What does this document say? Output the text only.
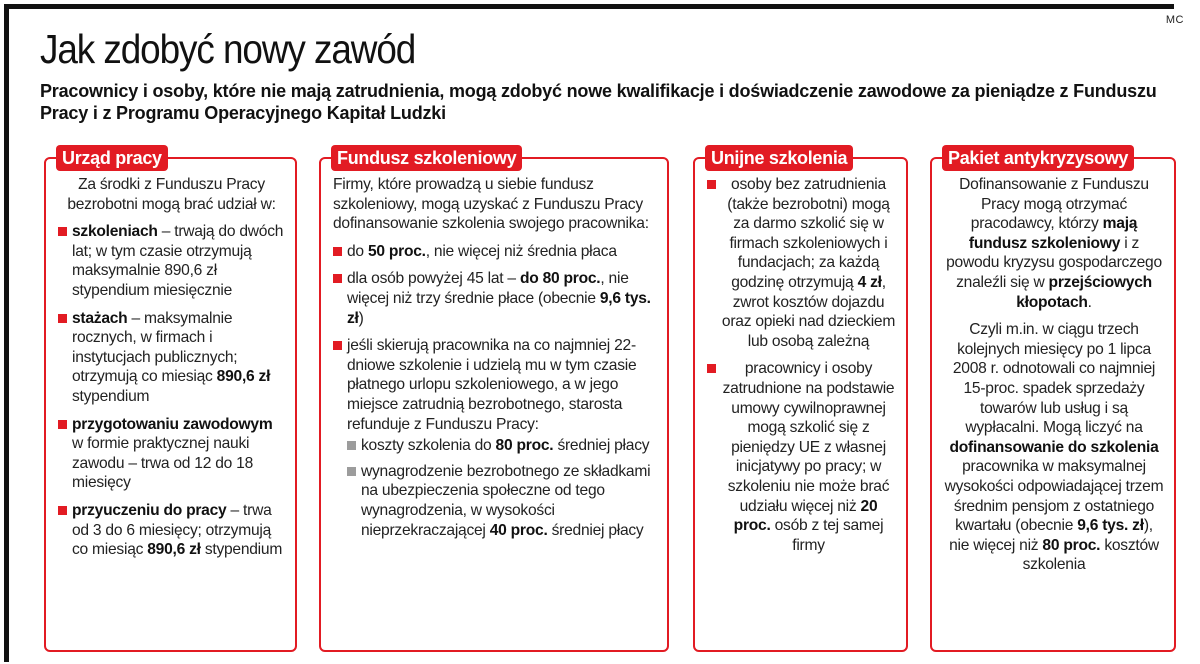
MC
Jak zdobyć nowy zawód

Pracownicy i osoby, które nie mają zatrudnienia, mogą zdobyć nowe kwalifikacje i doświadczenie zawodowe za pieniądze z Funduszu Pracy i z Programu Operacyjnego Kapitał Ludzki

Urząd pracy

Za środki z Funduszu Pracy bezrobotni mogą brać udział w:

szkoleniach – trwają do dwóch lat; w tym czasie otrzymują maksymalnie 890,6 zł stypendium miesięcznie
stażach – maksymalnie rocznych, w firmach i instytucjach publicznych; otrzymują co miesiąc 890,6 zł stypendium
przygotowaniu zawodowym w formie praktycznej nauki zawodu – trwa od 12 do 18 miesięcy
przyuczeniu do pracy – trwa od 3 do 6 miesięcy; otrzymują co miesiąc 890,6 zł stypendium
Fundusz szkoleniowy

Firmy, które prowadzą u siebie fundusz szkoleniowy, mogą uzyskać z Funduszu Pracy dofinansowanie szkolenia swojego pracownika:

do 50 proc., nie więcej niż średnia płaca
dla osób powyżej 45 lat – do 80 proc., nie więcej niż trzy średnie płace (obecnie 9,6 tys. zł)
jeśli skierują pracownika na co najmniej 22-dniowe szkolenie i udzielą mu w tym czasie płatnego urlopu szkoleniowego, a w jego miejsce zatrudnią bezrobotnego, starosta refunduje z Funduszu Pracy:
koszty szkolenia do 80 proc. średniej płacy
wynagrodzenie bezrobotnego ze składkami na ubezpieczenia społeczne od tego wynagrodzenia, w wysokości nieprzekraczającej 40 proc. średniej płacy
Unijne szkolenia
osoby bez zatrudnienia (także bezrobotni) mogą za darmo szkolić się w firmach szkoleniowych i fundacjach; za każdą godzinę otrzymują 4 zł, zwrot kosztów dojazdu oraz opieki nad dzieckiem lub osobą zależną
pracownicy i osoby zatrudnione na podstawie umowy cywilnoprawnej mogą szkolić się z pieniędzy UE z własnej inicjatywy po pracy; w szkoleniu nie może brać udziału więcej niż 20 proc. osób z tej samej firmy
Pakiet antykryzysowy

Dofinansowanie z Funduszu Pracy mogą otrzymać pracodawcy, którzy mają fundusz szkoleniowy i z powodu kryzysu gospodarczego znaleźli się w przejściowych kłopotach.

Czyli m.in. w ciągu trzech kolejnych miesięcy po 1 lipca 2008 r. odnotowali co najmniej 15-proc. spadek sprzedaży towarów lub usług i są wypłacalni. Mogą liczyć na dofinansowanie do szkolenia pracownika w maksymalnej wysokości odpowiadającej trzem średnim pensjom z ostatniego kwartału (obecnie 9,6 tys. zł), nie więcej niż 80 proc. kosztów szkolenia
